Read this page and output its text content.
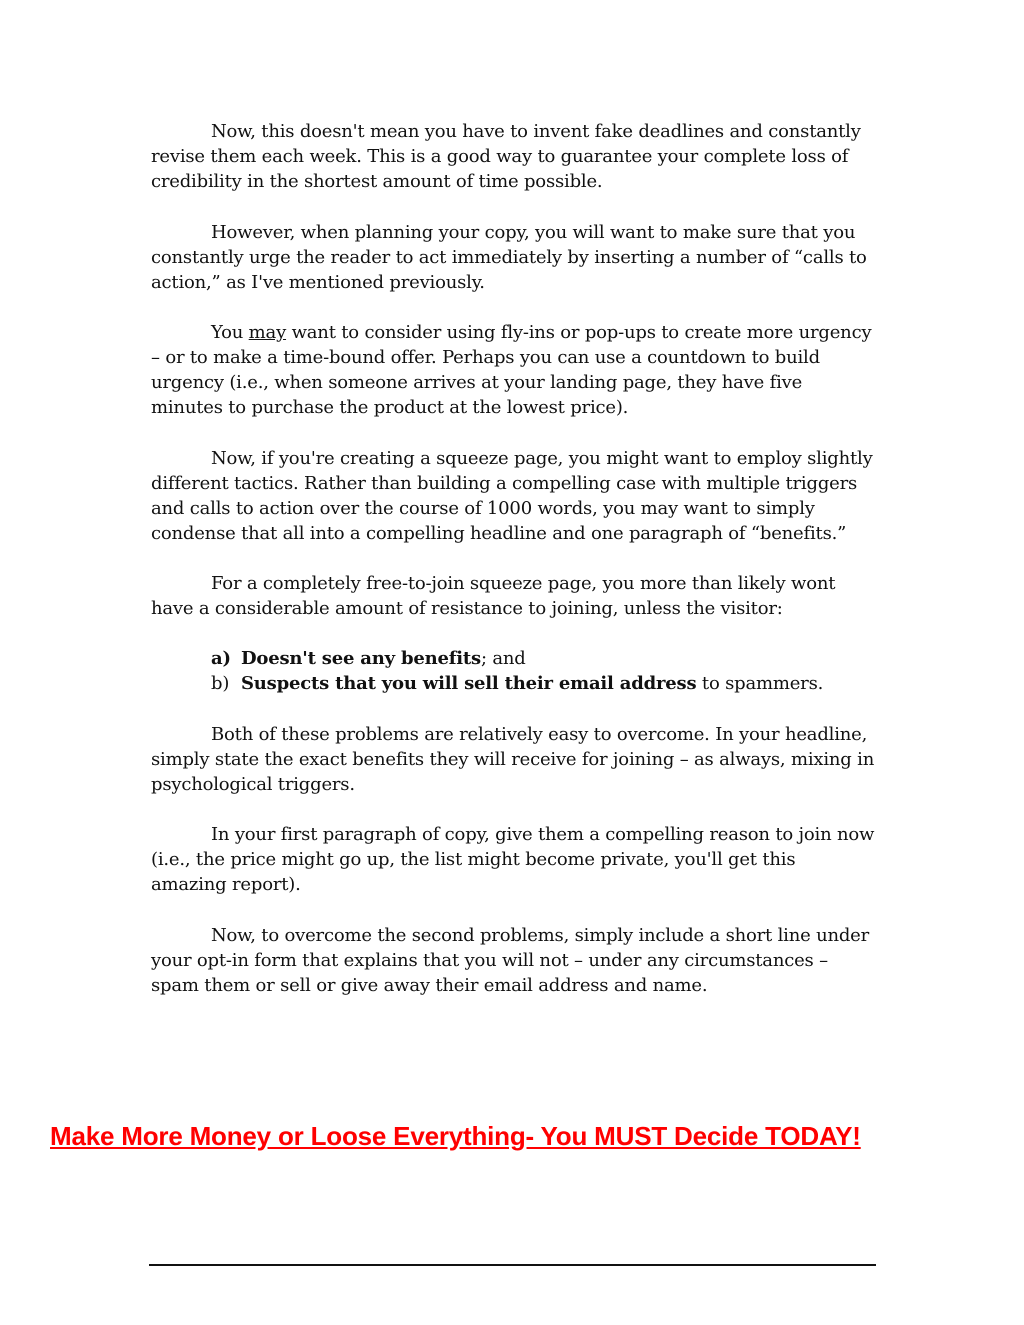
Now, this doesn't mean you have to invent fake deadlines and constantly revise them each week. This is a good way to guarantee your complete loss of credibility in the shortest amount of time possible.

However, when planning your copy, you will want to make sure that you constantly urge the reader to act immediately by inserting a number of “calls to action,” as I've mentioned previously.

You may want to consider using fly-ins or pop-ups to create more urgency – or to make a time-bound offer. Perhaps you can use a countdown to build urgency (i.e., when someone arrives at your landing page, they have five minutes to purchase the product at the lowest price).

Now, if you're creating a squeeze page, you might want to employ slightly different tactics. Rather than building a compelling case with multiple triggers and calls to action over the course of 1000 words, you may want to simply condense that all into a compelling headline and one paragraph of “benefits.”

For a completely free-to-join squeeze page, you more than likely wont have a considerable amount of resistance to joining, unless the visitor:

a) Doesn't see any benefits; and
b) Suspects that you will sell their email address to spammers.

Both of these problems are relatively easy to overcome. In your headline, simply state the exact benefits they will receive for joining – as always, mixing in psychological triggers.

In your first paragraph of copy, give them a compelling reason to join now (i.e., the price might go up, the list might become private, you'll get this amazing report).

Now, to overcome the second problems, simply include a short line under your opt-in form that explains that you will not – under any circumstances – spam them or sell or give away their email address and name.

Make More Money or Loose Everything- You MUST Decide TODAY!
